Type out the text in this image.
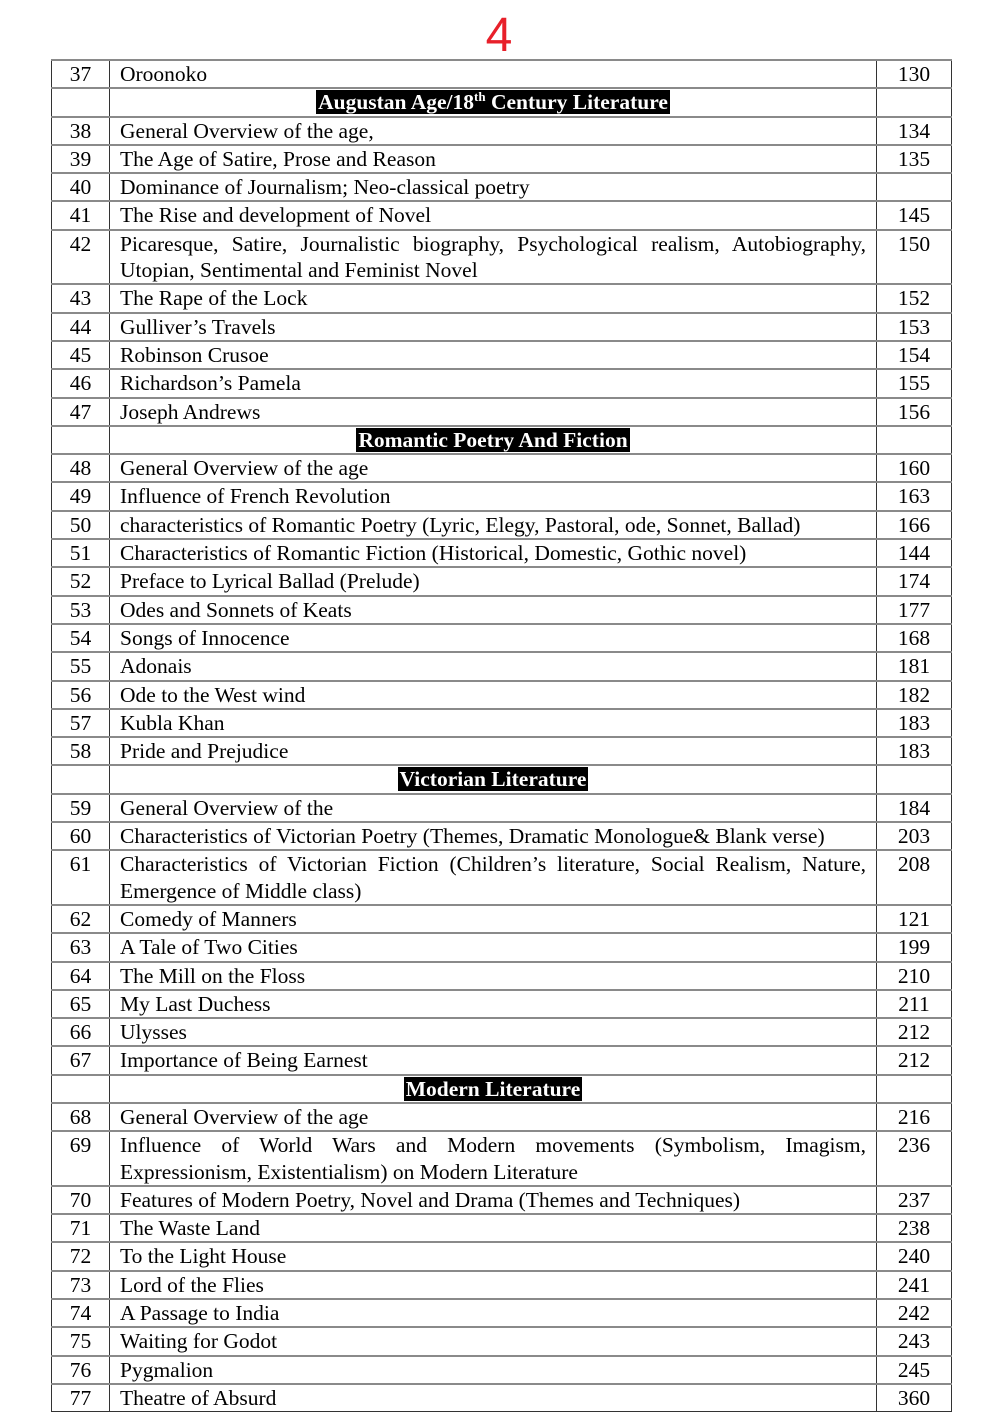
4
37	Oroonoko	130
	Augustan Age/18th Century Literature	
38	General Overview of the age,	134
39	The Age of Satire, Prose and Reason	135
40	Dominance of Journalism; Neo-classical poetry	
41	The Rise and development of Novel	145
42	Picaresque, Satire, Journalistic biography, Psychological realism, Autobiography, Utopian, Sentimental and Feminist Novel	150
43	The Rape of the Lock	152
44	Gulliver’s Travels	153
45	Robinson Crusoe	154
46	Richardson’s Pamela	155
47	Joseph Andrews	156
	Romantic Poetry And Fiction	
48	General Overview of the age	160
49	Influence of French Revolution	163
50	characteristics of Romantic Poetry (Lyric, Elegy, Pastoral, ode, Sonnet, Ballad)	166
51	Characteristics of Romantic Fiction (Historical, Domestic, Gothic novel)	144
52	Preface to Lyrical Ballad (Prelude)	174
53	Odes and Sonnets of Keats	177
54	Songs of Innocence	168
55	Adonais	181
56	Ode to the West wind	182
57	Kubla Khan	183
58	Pride and Prejudice	183
	Victorian Literature	
59	General Overview of the	184
60	Characteristics of Victorian Poetry (Themes, Dramatic Monologue& Blank verse)	203
61	Characteristics of Victorian Fiction (Children’s literature, Social Realism, Nature, Emergence of Middle class)	208
62	Comedy of Manners	121
63	A Tale of Two Cities	199
64	The Mill on the Floss	210
65	My Last Duchess	211
66	Ulysses	212
67	Importance of Being Earnest	212
	Modern Literature	
68	General Overview of the age	216
69	Influence of World Wars and Modern movements (Symbolism, Imagism, Expressionism, Existentialism) on Modern Literature	236
70	Features of Modern Poetry, Novel and Drama (Themes and Techniques)	237
71	The Waste Land	238
72	To the Light House	240
73	Lord of the Flies	241
74	A Passage to India	242
75	Waiting for Godot	243
76	Pygmalion	245
77	Theatre of Absurd	360
